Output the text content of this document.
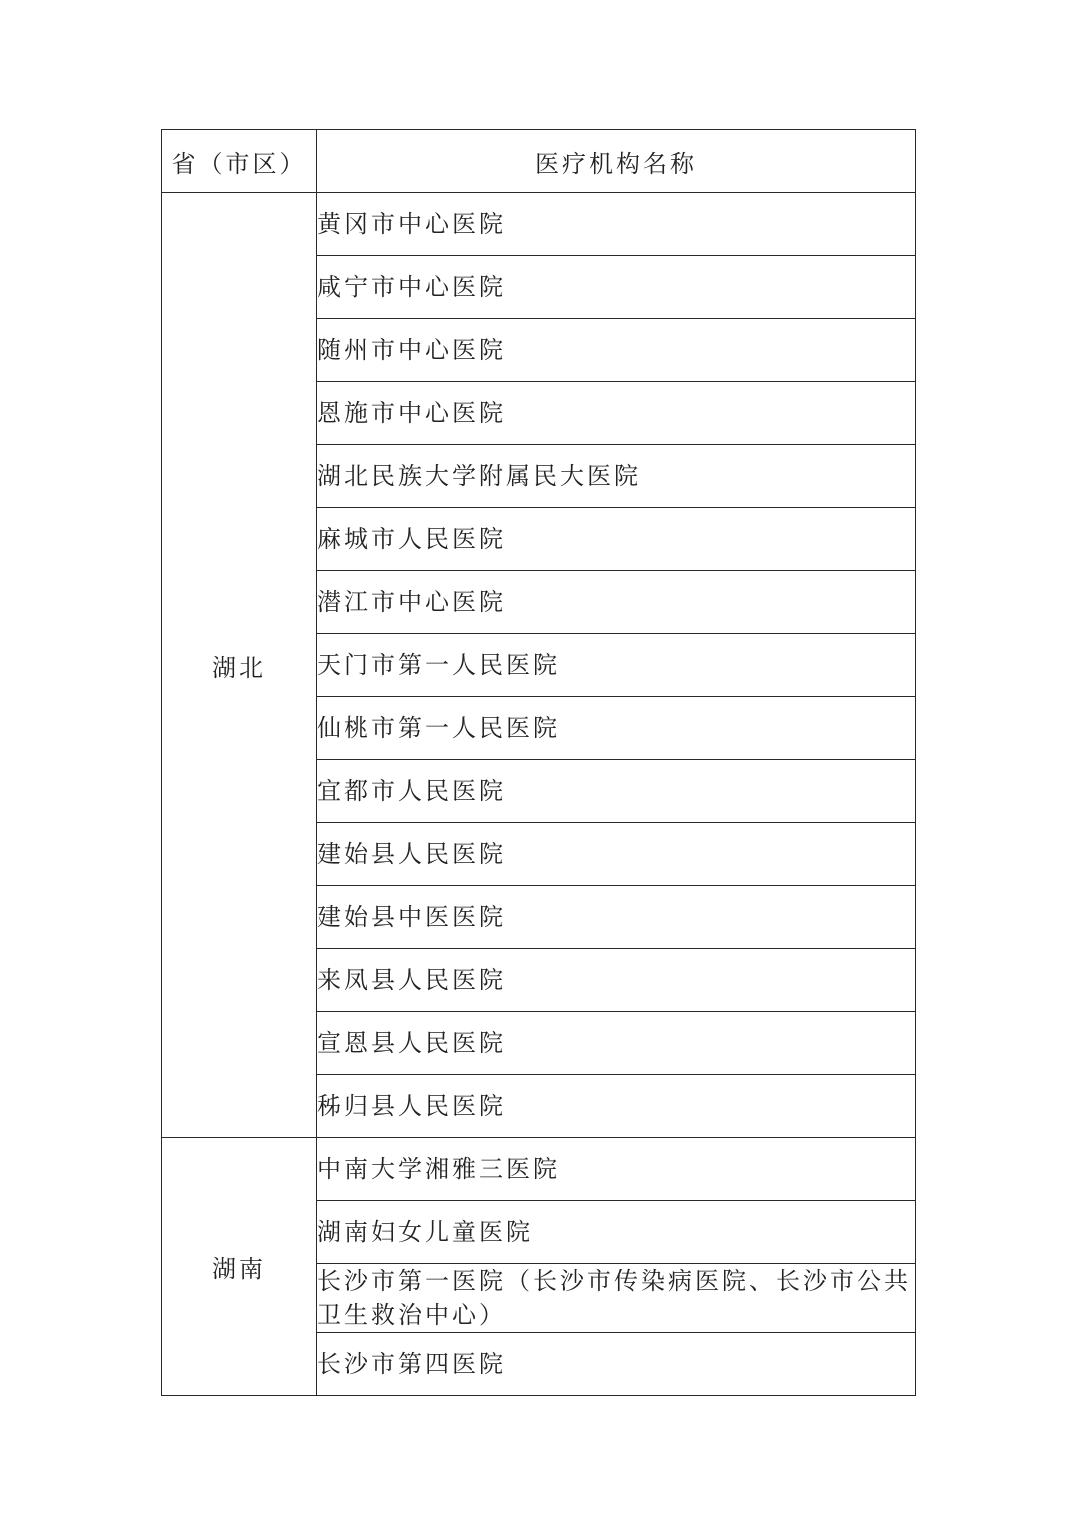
省（市区）	医疗机构名称
湖北	黄冈市中心医院
	咸宁市中心医院
	随州市中心医院
	恩施市中心医院
	湖北民族大学附属民大医院
	麻城市人民医院
	潜江市中心医院
	天门市第一人民医院
	仙桃市第一人民医院
	宜都市人民医院
	建始县人民医院
	建始县中医医院
	来凤县人民医院
	宣恩县人民医院
	秭归县人民医院
湖南	中南大学湘雅三医院
	湖南妇女儿童医院
	长沙市第一医院（长沙市传染病医院、长沙市公共卫生救治中心）
	长沙市第四医院
